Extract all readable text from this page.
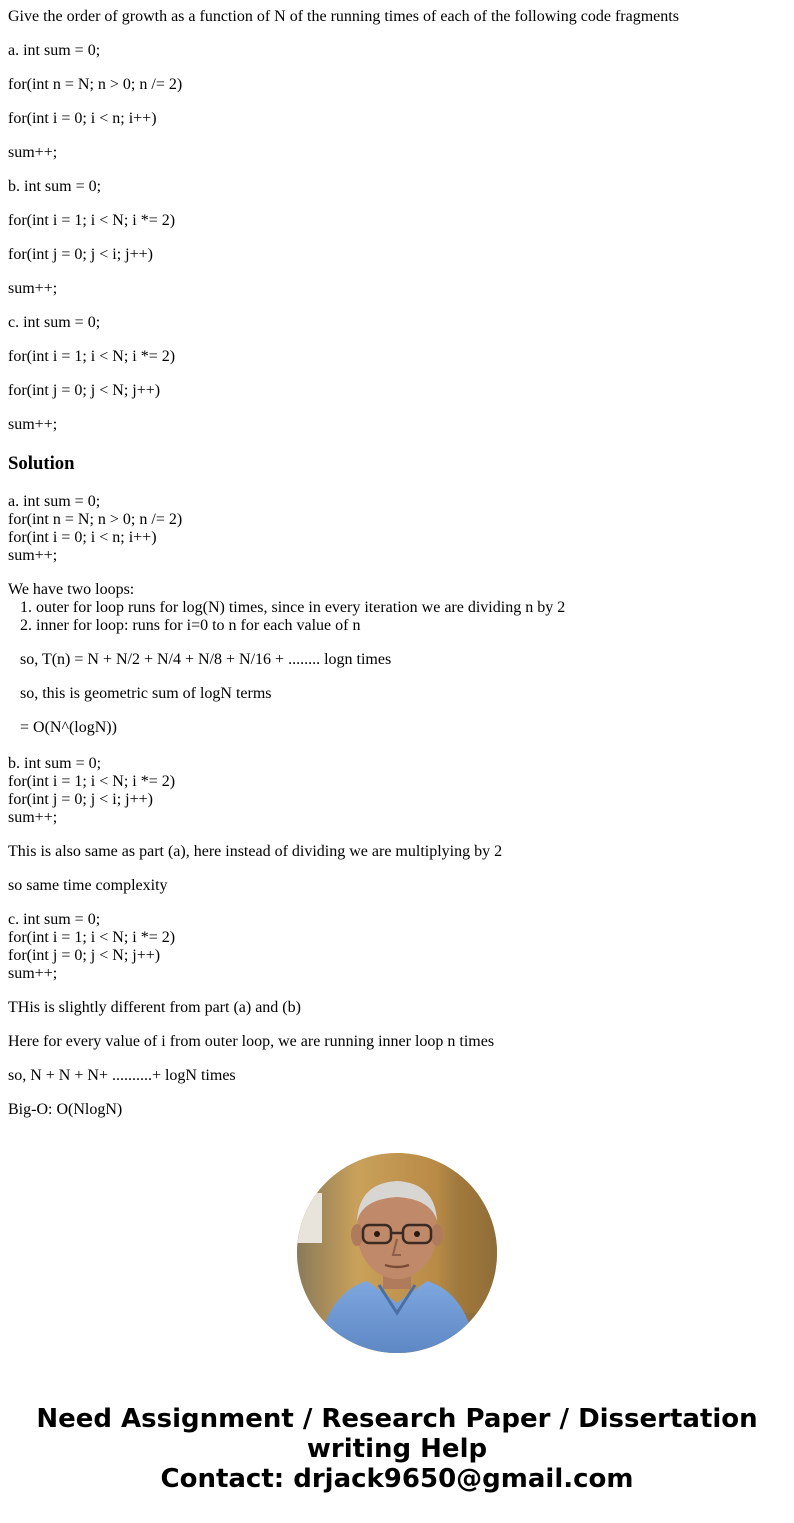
Give the order of growth as a function of N of the running times of each of the following code fragments
a. int sum = 0;
for(int n = N; n > 0; n /= 2)
for(int i = 0; i < n; i++)
sum++;
b. int sum = 0;
for(int i = 1; i < N; i *= 2)
for(int j = 0; j < i; j++)
sum++;
c. int sum = 0;
for(int i = 1; i < N; i *= 2)
for(int j = 0; j < N; j++)
sum++;
Solution
a. int sum = 0;
for(int n = N; n > 0; n /= 2)
for(int i = 0; i < n; i++)
sum++;
We have two loops:
1. outer for loop runs for log(N) times, since in every iteration we are dividing n by 2
2. inner for loop: runs for i=0 to n for each value of n
so, T(n) = N + N/2 + N/4 + N/8 + N/16 + ........ logn times
so, this is geometric sum of logN terms
= O(N^(logN))
b. int sum = 0;
for(int i = 1; i < N; i *= 2)
for(int j = 0; j < i; j++)
sum++;
This is also same as part (a), here instead of dividing we are multiplying by 2
so same time complexity
c. int sum = 0;
for(int i = 1; i < N; i *= 2)
for(int j = 0; j < N; j++)
sum++;
THis is slightly different from part (a) and (b)
Here for every value of i from outer loop, we are running inner loop n times
so, N + N + N+ ..........+ logN times
Big-O: O(NlogN)
Need Assignment / Research Paper / Dissertation
writing Help
Contact: drjack9650@gmail.com
